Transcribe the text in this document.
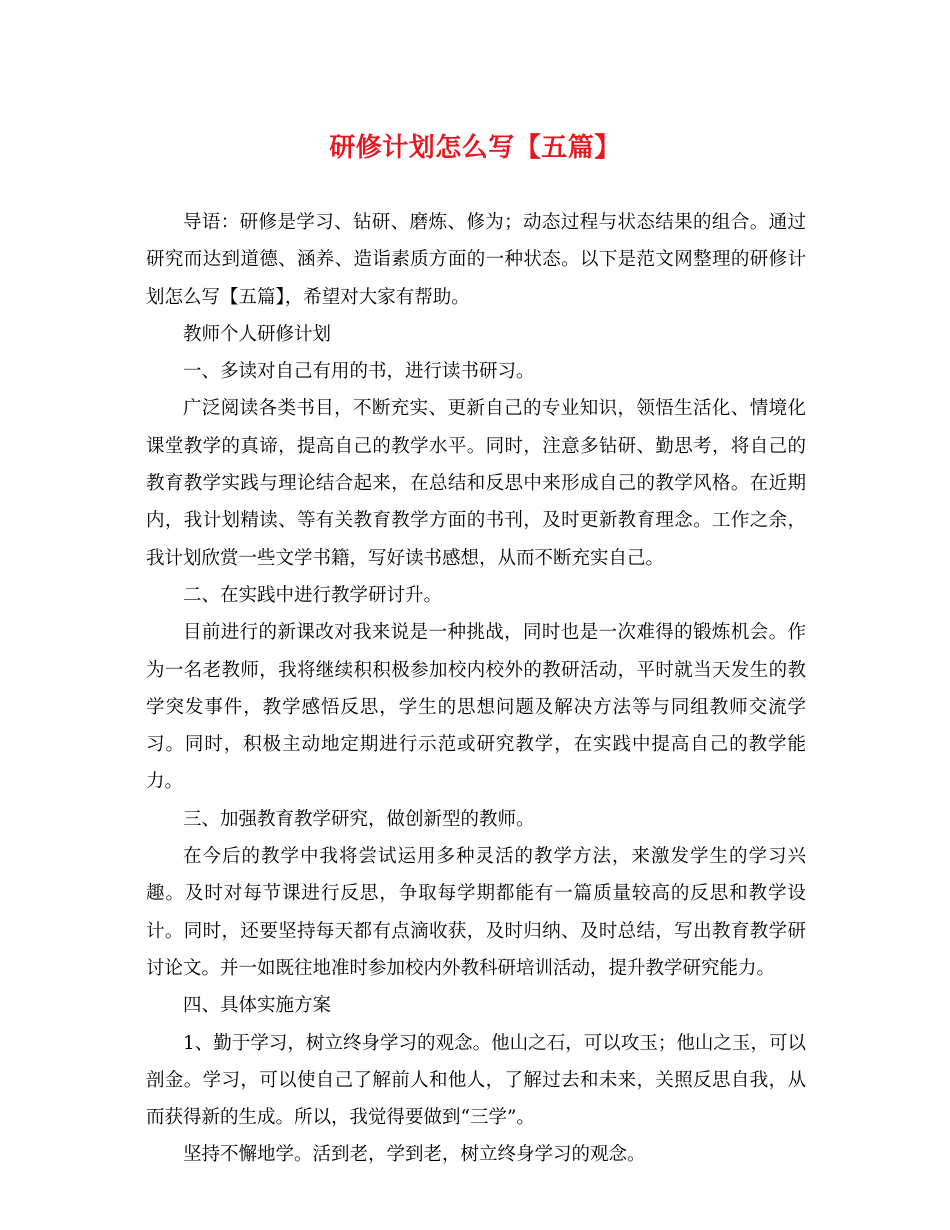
研修计划怎么写【五篇】

导语：研修是学习、钻研、磨炼、修为；动态过程与状态结果的组合。通过研究而达到道德、涵养、造诣素质方面的一种状态。以下是范文网整理的研修计划怎么写【五篇】，希望对大家有帮助。

教师个人研修计划

一、多读对自己有用的书，进行读书研习。

广泛阅读各类书目，不断充实、更新自己的专业知识，领悟生活化、情境化课堂教学的真谛，提高自己的教学水平。同时，注意多钻研、勤思考，将自己的教育教学实践与理论结合起来，在总结和反思中来形成自己的教学风格。在近期内，我计划精读、等有关教育教学方面的书刊，及时更新教育理念。工作之余，我计划欣赏一些文学书籍，写好读书感想，从而不断充实自己。

二、在实践中进行教学研讨升。

目前进行的新课改对我来说是一种挑战，同时也是一次难得的锻炼机会。作为一名老教师，我将继续积积极参加校内校外的教研活动，平时就当天发生的教学突发事件，教学感悟反思，学生的思想问题及解决方法等与同组教师交流学习。同时，积极主动地定期进行示范或研究教学，在实践中提高自己的教学能力。

三、加强教育教学研究，做创新型的教师。

在今后的教学中我将尝试运用多种灵活的教学方法，来激发学生的学习兴趣。及时对每节课进行反思，争取每学期都能有一篇质量较高的反思和教学设计。同时，还要坚持每天都有点滴收获，及时归纳、及时总结，写出教育教学研讨论文。并一如既往地准时参加校内外教科研培训活动，提升教学研究能力。

四、具体实施方案

1、勤于学习，树立终身学习的观念。他山之石，可以攻玉；他山之玉，可以剖金。学习，可以使自己了解前人和他人，了解过去和未来，关照反思自我，从而获得新的生成。所以，我觉得要做到“三学”。

坚持不懈地学。活到老，学到老，树立终身学习的观念。
